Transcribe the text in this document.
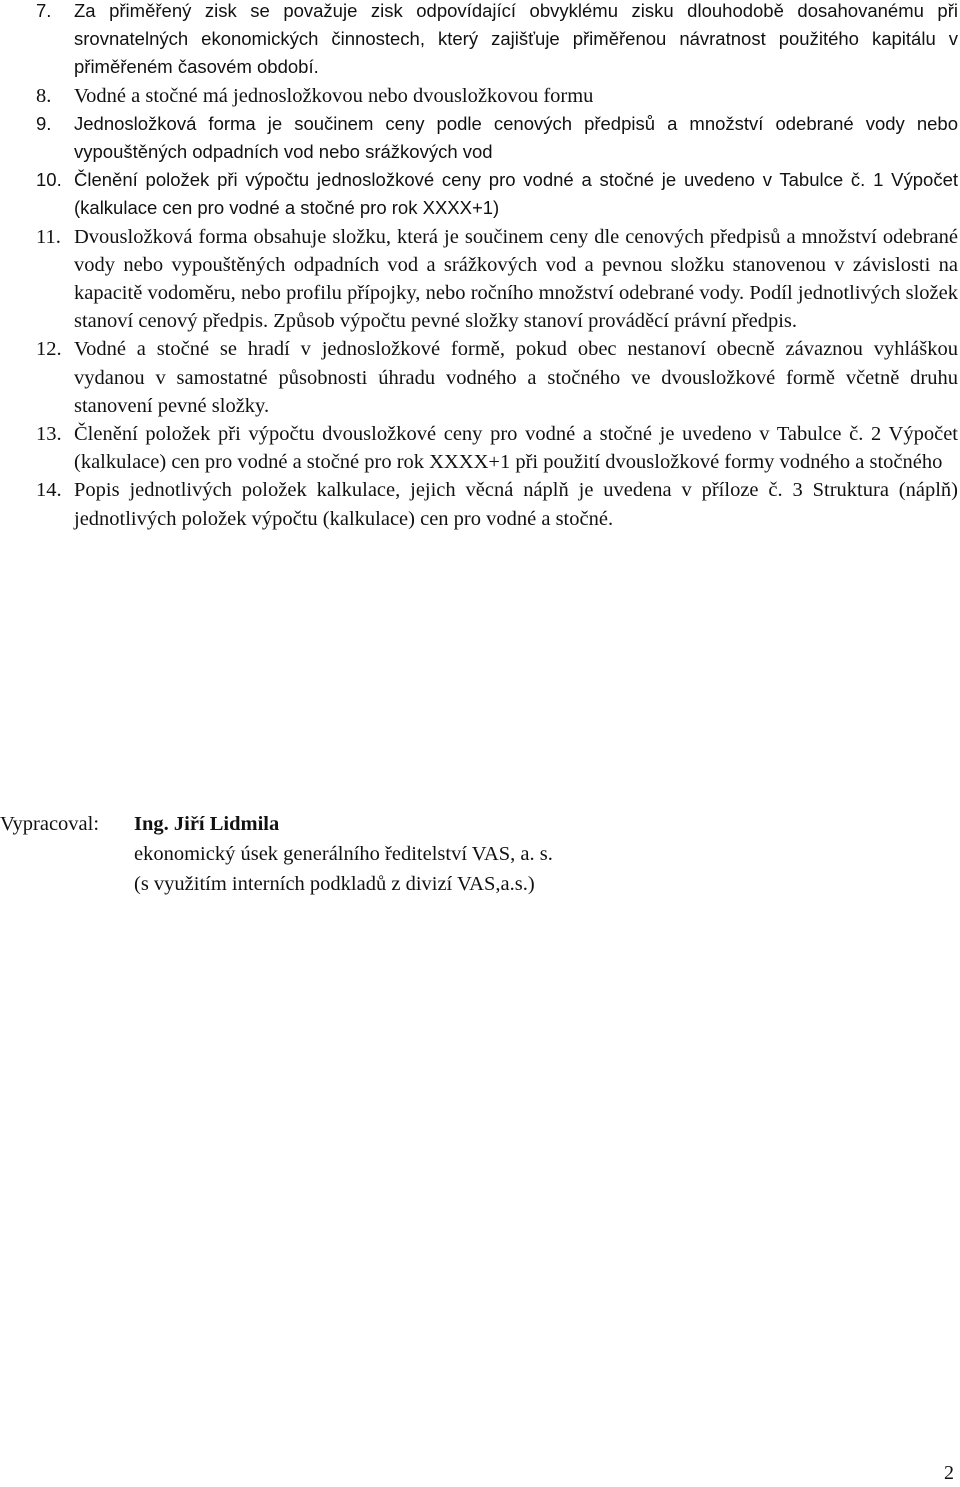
7.	Za přiměřený zisk se považuje zisk odpovídající obvyklému zisku dlouhodobě dosahovanému při srovnatelných ekonomických činnostech, který zajišťuje přiměřenou návratnost použitého kapitálu v přiměřeném časovém období.
8.	Vodné a stočné má jednosložkovou nebo dvousložkovou formu
9.	Jednosložková forma je součinem ceny podle cenových předpisů a množství odebrané vody nebo vypouštěných odpadních vod nebo srážkových vod
10. Členění položek při výpočtu jednosložkové ceny pro vodné a stočné je uvedeno v Tabulce č. 1 Výpočet (kalkulace cen pro vodné a stočné pro rok XXXX+1)
11. Dvousložková forma obsahuje složku, která je součinem ceny dle cenových předpisů a množství odebrané vody nebo vypouštěných odpadních vod a srážkových vod a pevnou složku stanovenou v závislosti na kapacitě vodoměru, nebo profilu přípojky, nebo ročního množství odebrané vody. Podíl jednotlivých složek stanoví cenový předpis. Způsob výpočtu pevné složky stanoví prováděcí právní předpis.
12. Vodné a stočné se hradí v jednosložkové formě, pokud obec nestanoví obecně závaznou vyhláškou vydanou v samostatné působnosti úhradu vodného a stočného ve dvousložkové formě včetně druhu stanovení pevné složky.
13. Členění položek při výpočtu dvousložkové ceny pro vodné a stočné je uvedeno v Tabulce č. 2 Výpočet (kalkulace) cen pro vodné a stočné pro rok XXXX+1 při použití dvousložkové formy vodného a stočného
14. Popis jednotlivých položek kalkulace, jejich věcná náplň je uvedena v příloze č. 3 Struktura (náplň) jednotlivých položek výpočtu (kalkulace) cen pro vodné a stočné.
Vypracoval:	Ing. Jiří Lidmila
ekonomický úsek generálního ředitelství VAS, a. s.
(s využitím interních podkladů z divizí VAS,a.s.)
2
